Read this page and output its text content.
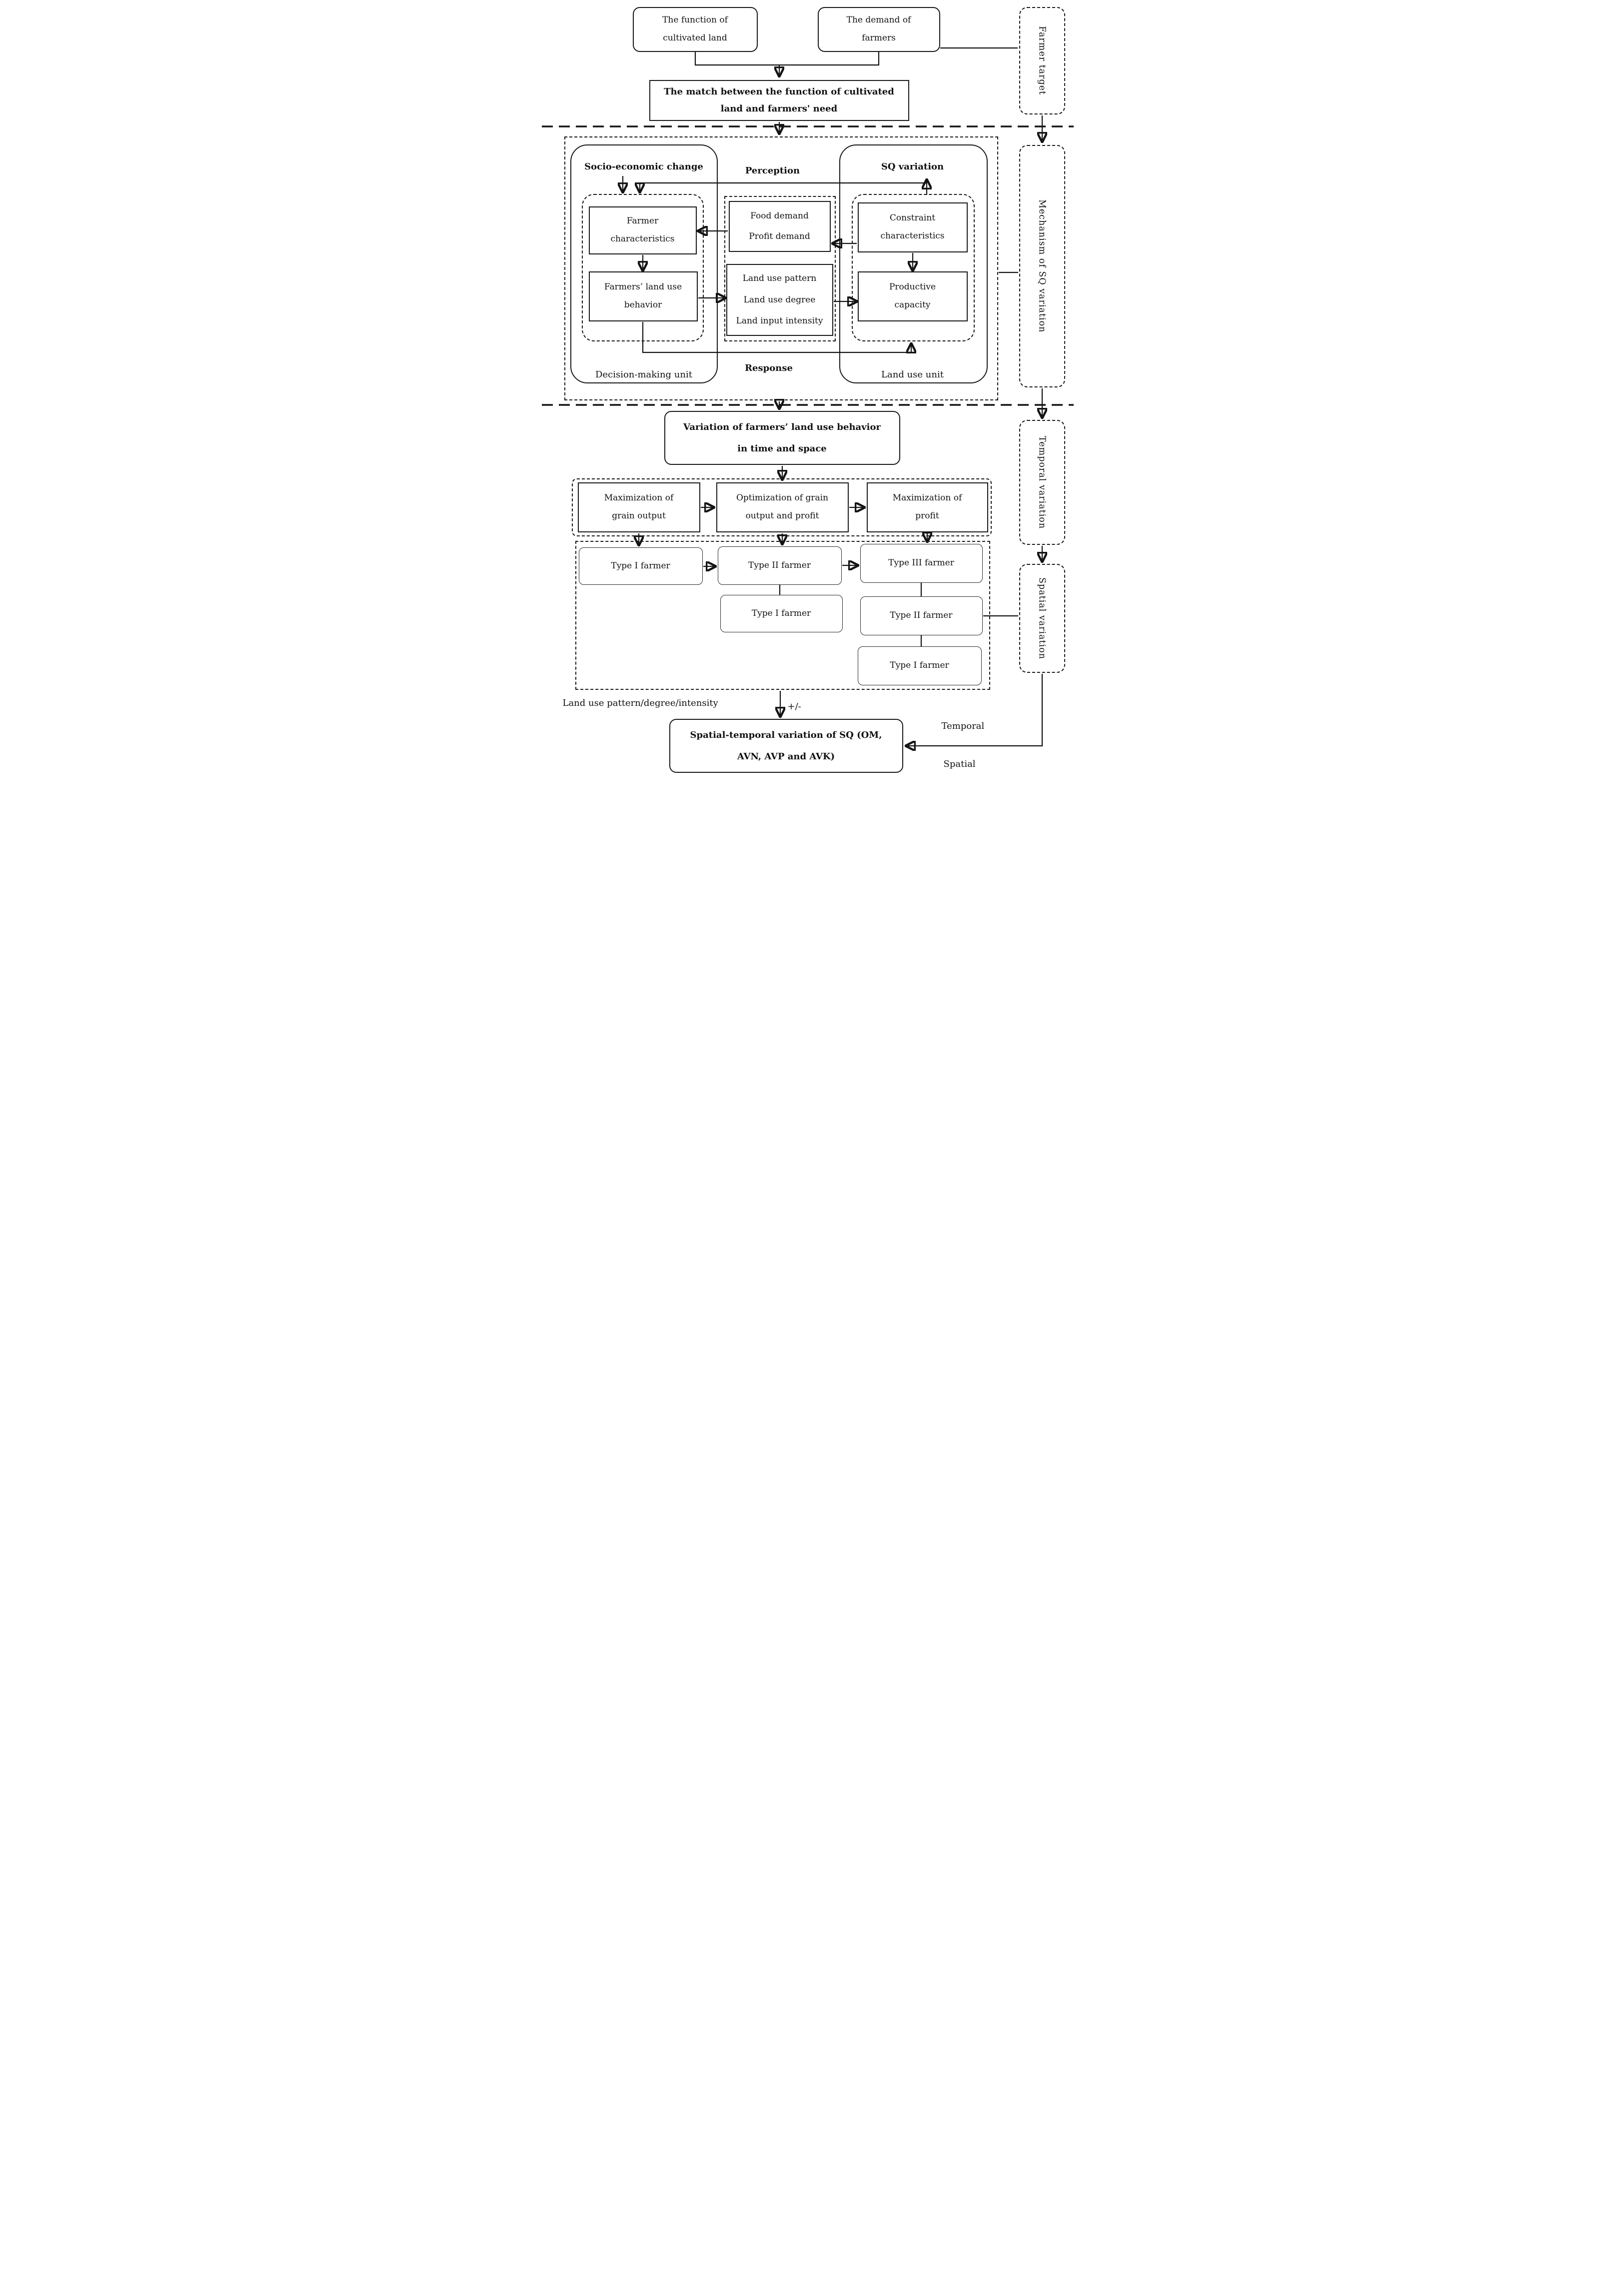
The function of cultivated land
The demand of farmers	Farmer target
The match between the function of cultivated
land and farmers' need
Socio-economic change
Farmer characteristics
Farmers’ land use behavior
Decision-making unit
Perception
Food demand
Profit demand
Land use pattern
Land use degree
Land input intensity
Response
SQ variation
Constraint characteristics
Productive capacity
Land use unit
Mechanism of SQ variation
Variation of farmers’ land use behavior
in time and space	Temporal variation
Maximization of grain output
Optimization of grain output and profit
Maximization of profit
Type I farmer	Type II farmer	Type III farmer
Type I farmer	Type II farmer
Type I farmer
Spatial variation
Land use pattern/degree/intensity	+/-
Spatial-temporal variation of SQ (OM,
AVN, AVP and AVK)
Temporal
Spatial
